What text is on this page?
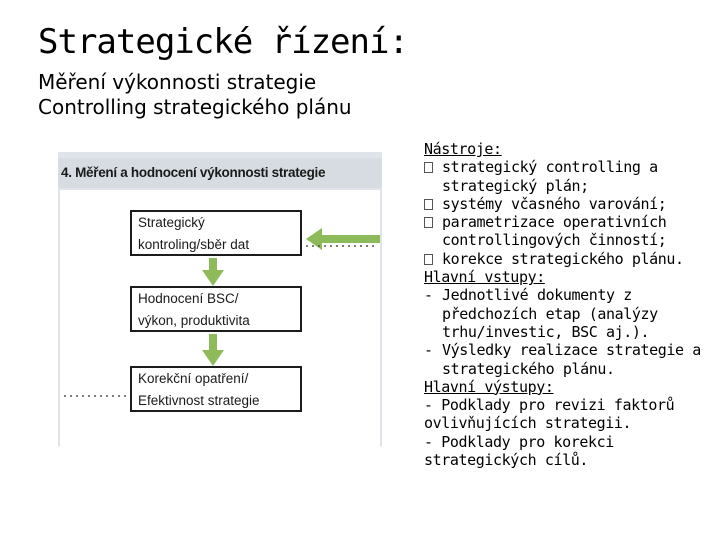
Strategické řízení:
Měření výkonnosti strategie
Controlling strategického plánu
4. Měření a hodnocení výkonnosti strategie
Strategický
kontroling/sběr dat
Hodnocení BSC/
výkon, produktivita
Korekční opatření/
Efektivnost strategie
Nástroje:
strategický controlling a
strategický plán;
systémy včasného varování;
parametrizace operativních
controllingových činností;
korekce strategického plánu.
Hlavní vstupy:
- Jednotlivé dokumenty z
předchozích etap (analýzy
trhu/investic, BSC aj.).
- Výsledky realizace strategie a
strategického plánu.
Hlavní výstupy:
- Podklady pro revizi faktorů
ovlivňujících strategii.
- Podklady pro korekci
strategických cílů.
